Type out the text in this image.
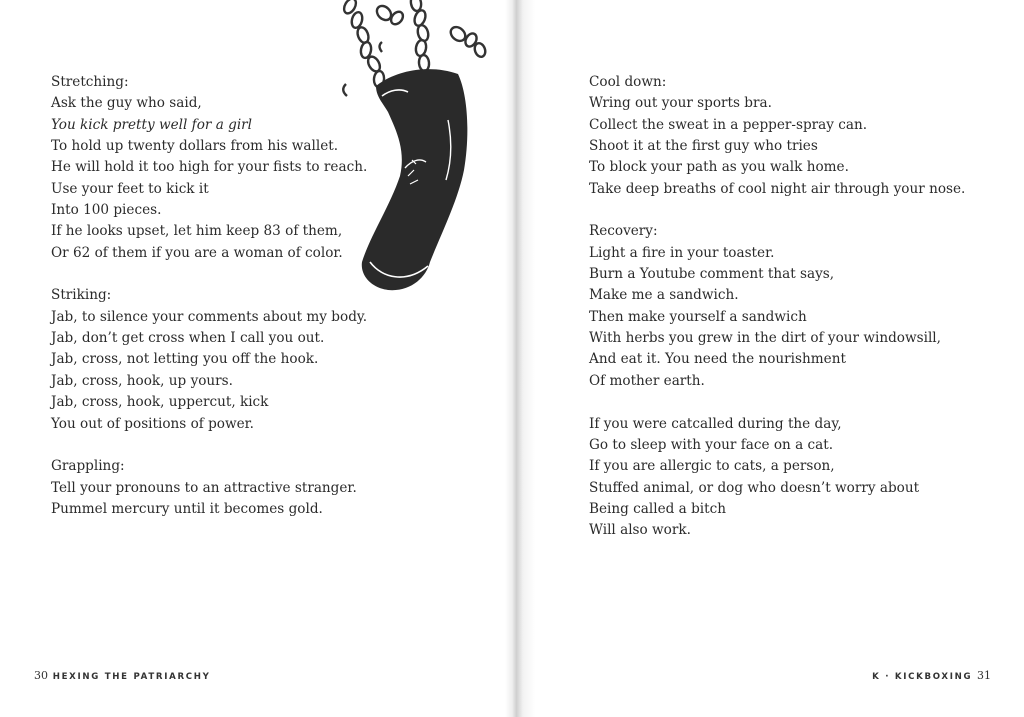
Stretching:
Ask the guy who said,
You kick pretty well for a girl
To hold up twenty dollars from his wallet.
He will hold it too high for your fists to reach.
Use your feet to kick it
Into 100 pieces.
If he looks upset, let him keep 83 of them,
Or 62 of them if you are a woman of color.
Striking:
Jab, to silence your comments about my body.
Jab, don’t get cross when I call you out.
Jab, cross, not letting you off the hook.
Jab, cross, hook, up yours.
Jab, cross, hook, uppercut, kick
You out of positions of power.
Grappling:
Tell your pronouns to an attractive stranger.
Pummel mercury until it becomes gold.
Cool down:
Wring out your sports bra.
Collect the sweat in a pepper-spray can.
Shoot it at the first guy who tries
To block your path as you walk home.
Take deep breaths of cool night air through your nose.
Recovery:
Light a fire in your toaster.
Burn a Youtube comment that says,
Make me a sandwich.
Then make yourself a sandwich
With herbs you grew in the dirt of your windowsill,
And eat it. You need the nourishment
Of mother earth.
If you were catcalled during the day,
Go to sleep with your face on a cat.
If you are allergic to cats, a person,
Stuffed animal, or dog who doesn’t worry about
Being called a bitch
Will also work.
30 HEXING THE PATRIARCHY	K · KICKBOXING 31
